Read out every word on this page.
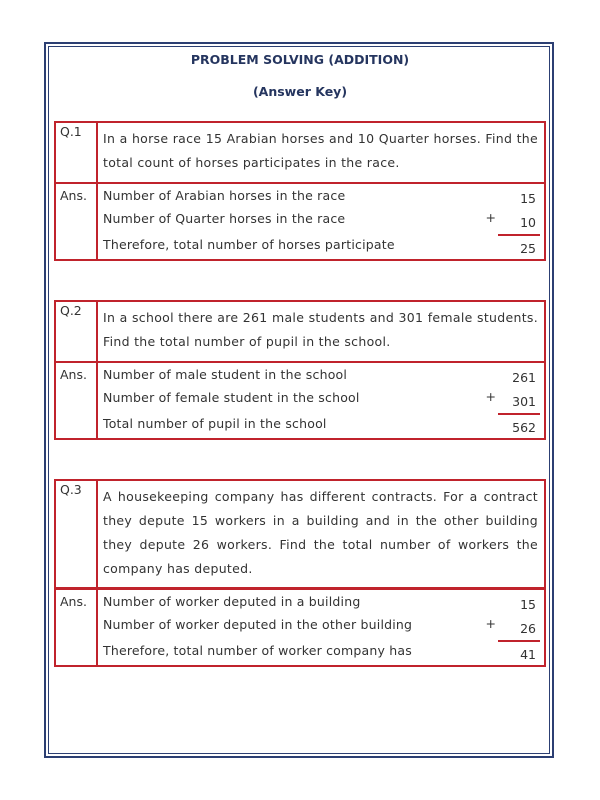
PROBLEM SOLVING (ADDITION)
(Answer Key)
Q.1 In a horse race 15 Arabian horses and 10 Quarter horses. Find the total count of horses participates in the race.
Ans. Number of Arabian horses in the race	15
Number of Quarter horses in the race	+ 10
Therefore, total number of horses participate	25
Q.2 In a school there are 261 male students and 301 female students. Find the total number of pupil in the school.
Ans. Number of male student in the school	261
Number of female student in the school	+ 301
Total number of pupil in the school	562
Q.3 A housekeeping company has different contracts. For a contract they depute 15 workers in a building and in the other building they depute 26 workers. Find the total number of workers the company has deputed.
Ans. Number of worker deputed in a building	15
Number of worker deputed in the other building	+ 26
Therefore, total number of worker company has	41
